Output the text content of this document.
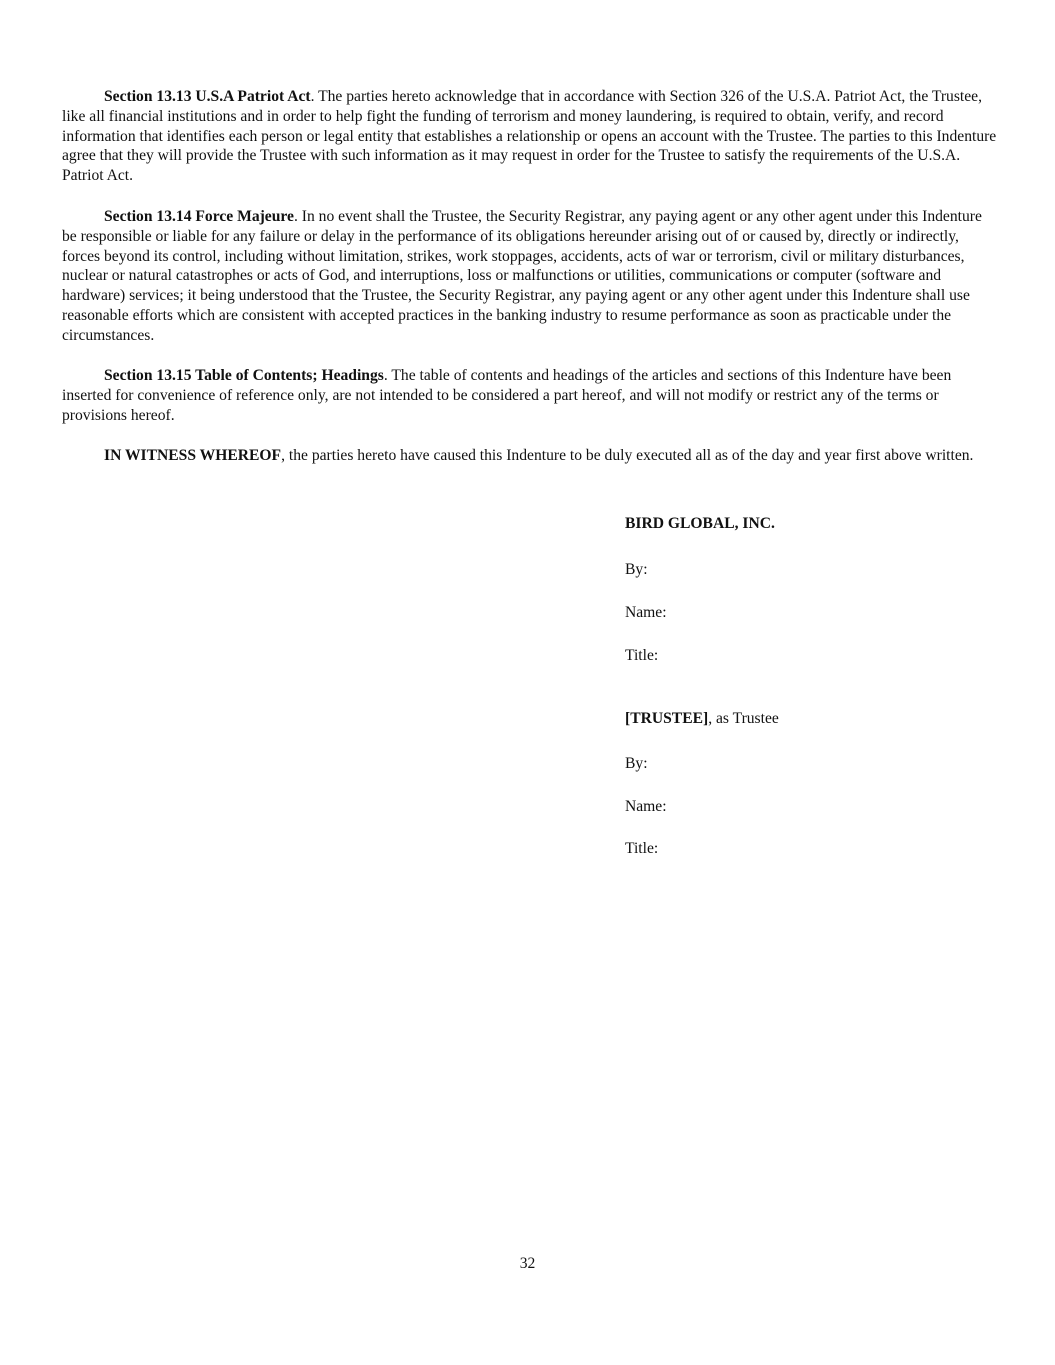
Section 13.13 U.S.A Patriot Act. The parties hereto acknowledge that in accordance with Section 326 of the U.S.A. Patriot Act, the Trustee, like all financial institutions and in order to help fight the funding of terrorism and money laundering, is required to obtain, verify, and record information that identifies each person or legal entity that establishes a relationship or opens an account with the Trustee. The parties to this Indenture agree that they will provide the Trustee with such information as it may request in order for the Trustee to satisfy the requirements of the U.S.A. Patriot Act.

Section 13.14 Force Majeure. In no event shall the Trustee, the Security Registrar, any paying agent or any other agent under this Indenture be responsible or liable for any failure or delay in the performance of its obligations hereunder arising out of or caused by, directly or indirectly, forces beyond its control, including without limitation, strikes, work stoppages, accidents, acts of war or terrorism, civil or military disturbances, nuclear or natural catastrophes or acts of God, and interruptions, loss or malfunctions or utilities, communications or computer (software and hardware) services; it being understood that the Trustee, the Security Registrar, any paying agent or any other agent under this Indenture shall use reasonable efforts which are consistent with accepted practices in the banking industry to resume performance as soon as practicable under the circumstances.

Section 13.15 Table of Contents; Headings. The table of contents and headings of the articles and sections of this Indenture have been inserted for convenience of reference only, are not intended to be considered a part hereof, and will not modify or restrict any of the terms or provisions hereof.

IN WITNESS WHEREOF, the parties hereto have caused this Indenture to be duly executed all as of the day and year first above written.

BIRD GLOBAL, INC.

By:

Name:

Title:

[TRUSTEE], as Trustee

By:

Name:

Title:

32
